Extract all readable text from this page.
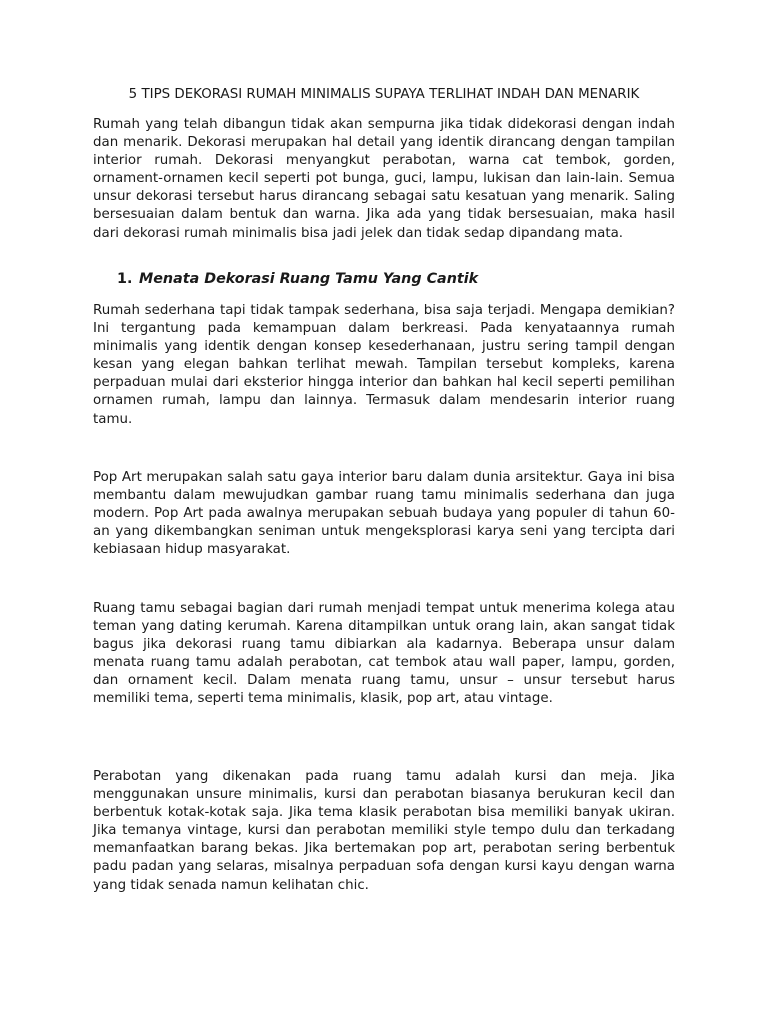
5 TIPS DEKORASI RUMAH MINIMALIS SUPAYA TERLIHAT INDAH DAN MENARIK

Rumah yang telah dibangun tidak akan sempurna jika tidak didekorasi dengan indah dan menarik. Dekorasi merupakan hal detail yang identik dirancang dengan tampilan interior rumah. Dekorasi menyangkut perabotan, warna cat tembok, gorden, ornament-ornamen kecil seperti pot bunga, guci, lampu, lukisan dan lain-lain. Semua unsur dekorasi tersebut harus dirancang sebagai satu kesatuan yang menarik. Saling bersesuaian dalam bentuk dan warna. Jika ada yang tidak bersesuaian, maka hasil dari dekorasi rumah minimalis bisa jadi jelek dan tidak sedap dipandang mata.

1. Menata Dekorasi Ruang Tamu Yang Cantik

Rumah sederhana tapi tidak tampak sederhana, bisa saja terjadi. Mengapa demikian? Ini tergantung pada kemampuan dalam berkreasi. Pada kenyataannya rumah minimalis yang identik dengan konsep kesederhanaan, justru sering tampil dengan kesan yang elegan bahkan terlihat mewah. Tampilan tersebut kompleks, karena perpaduan mulai dari eksterior hingga interior dan bahkan hal kecil seperti pemilihan ornamen rumah, lampu dan lainnya. Termasuk dalam mendesarin interior ruang tamu.

Pop Art merupakan salah satu gaya interior baru dalam dunia arsitektur. Gaya ini bisa membantu dalam mewujudkan gambar ruang tamu minimalis sederhana dan juga modern. Pop Art pada awalnya merupakan sebuah budaya yang populer di tahun 60-an yang dikembangkan seniman untuk mengeksplorasi karya seni yang tercipta dari kebiasaan hidup masyarakat.

Ruang tamu sebagai bagian dari rumah menjadi tempat untuk menerima kolega atau teman yang dating kerumah. Karena ditampilkan untuk orang lain, akan sangat tidak bagus jika dekorasi ruang tamu dibiarkan ala kadarnya. Beberapa unsur dalam menata ruang tamu adalah perabotan, cat tembok atau wall paper, lampu, gorden, dan ornament kecil. Dalam menata ruang tamu, unsur – unsur tersebut harus memiliki tema, seperti tema minimalis, klasik, pop art, atau vintage.

Perabotan yang dikenakan pada ruang tamu adalah kursi dan meja. Jika menggunakan unsure minimalis, kursi dan perabotan biasanya berukuran kecil dan berbentuk kotak-kotak saja. Jika tema klasik perabotan bisa memiliki banyak ukiran. Jika temanya vintage, kursi dan perabotan memiliki style tempo dulu dan terkadang memanfaatkan barang bekas. Jika bertemakan pop art, perabotan sering berbentuk padu padan yang selaras, misalnya perpaduan sofa dengan kursi kayu dengan warna yang tidak senada namun kelihatan chic.
